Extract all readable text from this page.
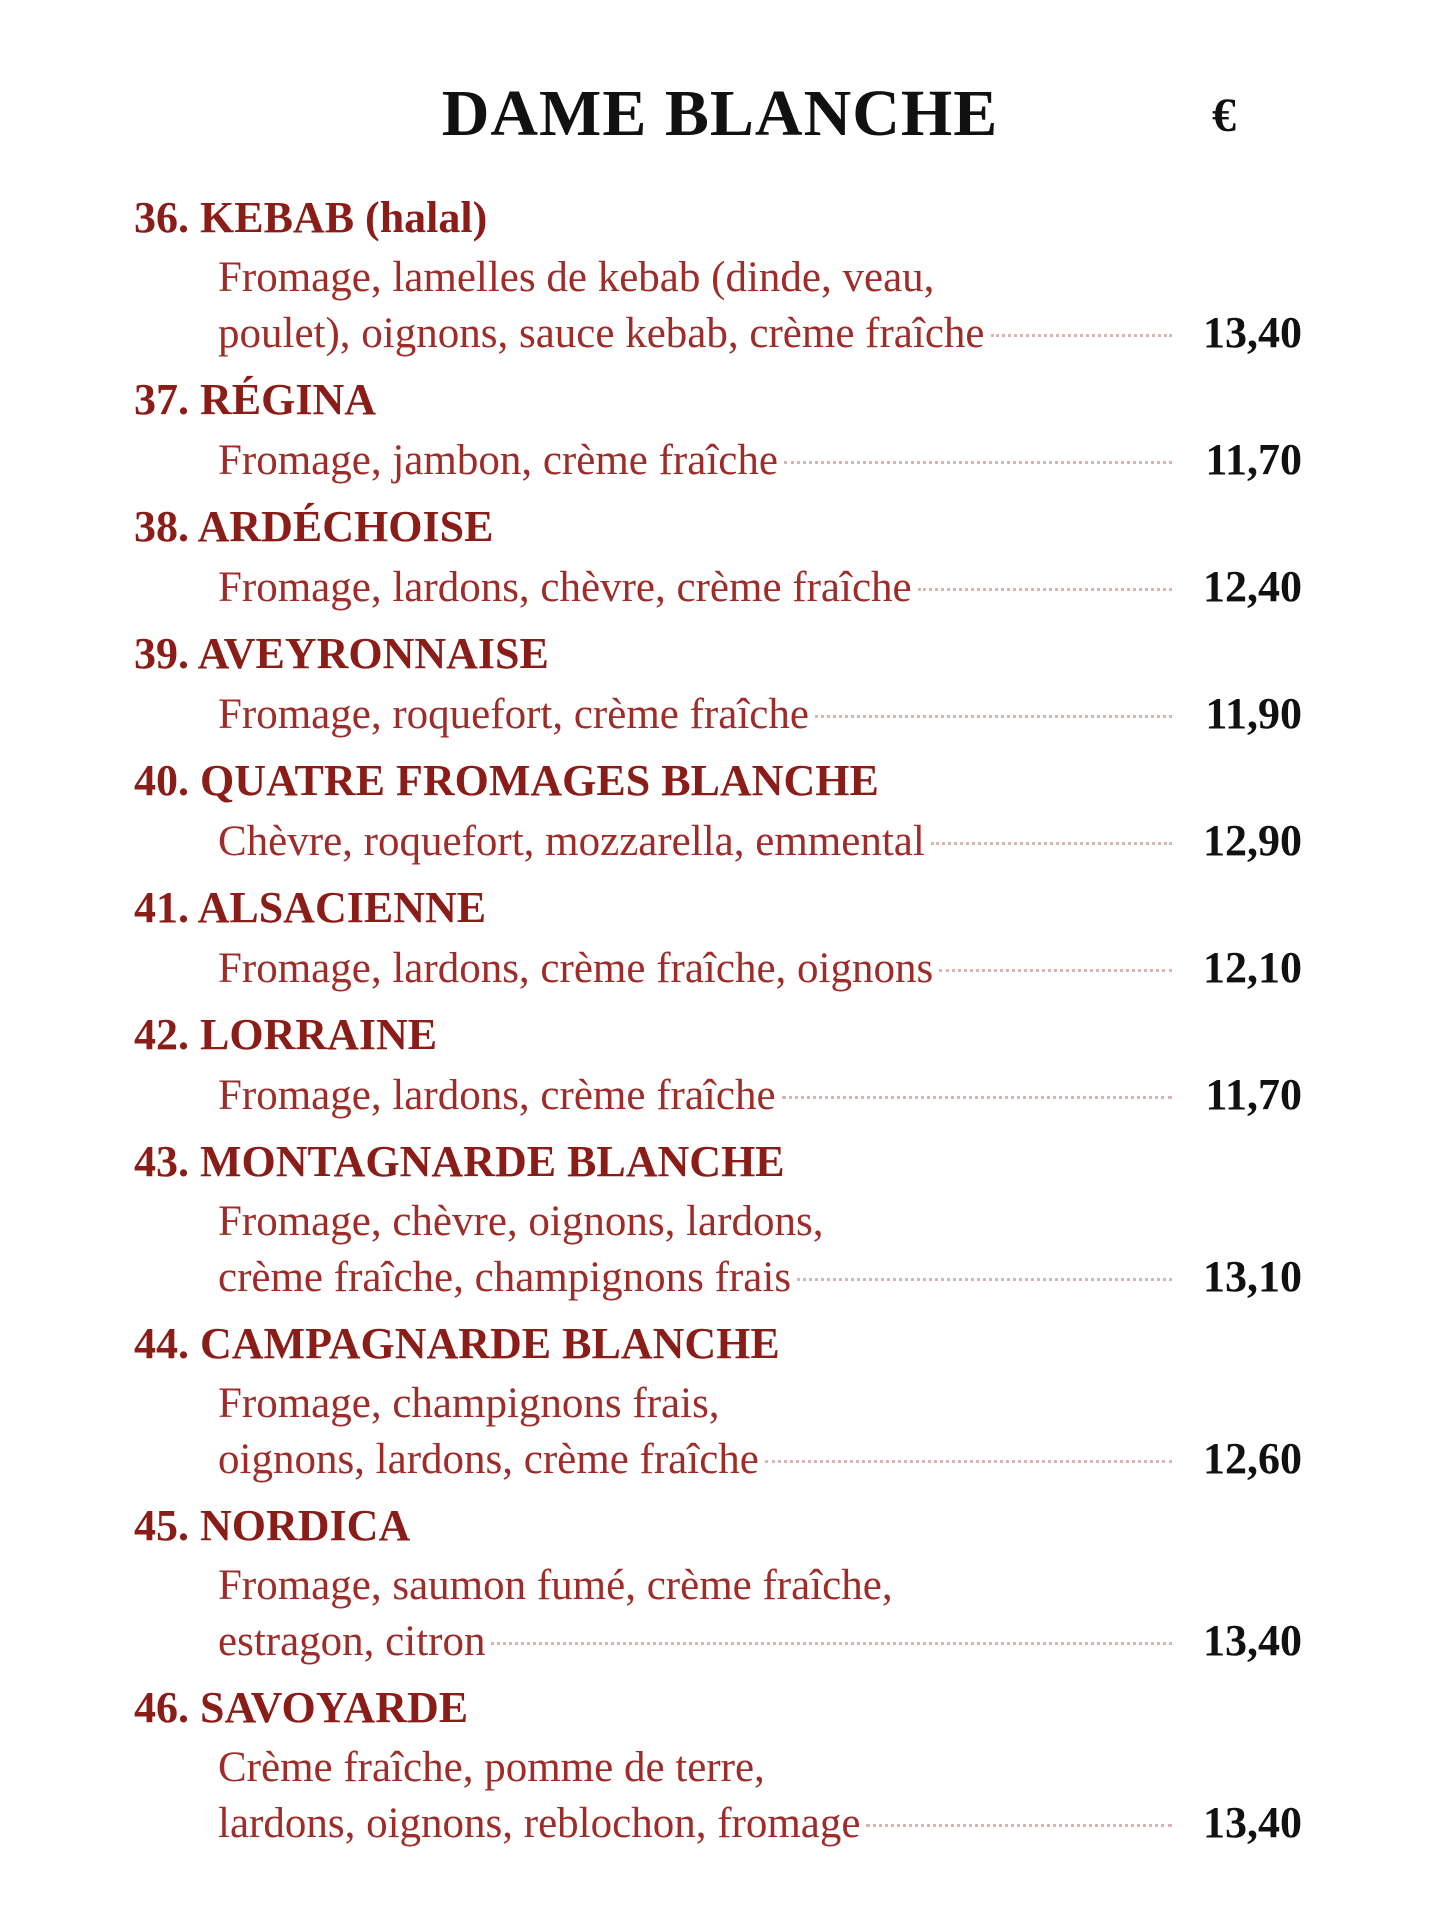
DAME BLANCHE	€
36. KEBAB (halal)
Fromage, lamelles de kebab (dinde, veau,
poulet), oignons, sauce kebab, crème fraîche	13,40
37. RÉGINA
Fromage, jambon, crème fraîche	11,70
38. ARDÉCHOISE
Fromage, lardons, chèvre, crème fraîche	12,40
39. AVEYRONNAISE
Fromage, roquefort, crème fraîche	11,90
40. QUATRE FROMAGES BLANCHE
Chèvre, roquefort, mozzarella, emmental	12,90
41. ALSACIENNE
Fromage, lardons, crème fraîche, oignons	12,10
42. LORRAINE
Fromage, lardons, crème fraîche	11,70
43. MONTAGNARDE BLANCHE
Fromage, chèvre, oignons, lardons,
crème fraîche, champignons frais	13,10
44. CAMPAGNARDE BLANCHE
Fromage, champignons frais,
oignons, lardons, crème fraîche	12,60
45. NORDICA
Fromage, saumon fumé, crème fraîche,
estragon, citron	13,40
46. SAVOYARDE
Crème fraîche, pomme de terre,
lardons, oignons, reblochon, fromage	13,40
